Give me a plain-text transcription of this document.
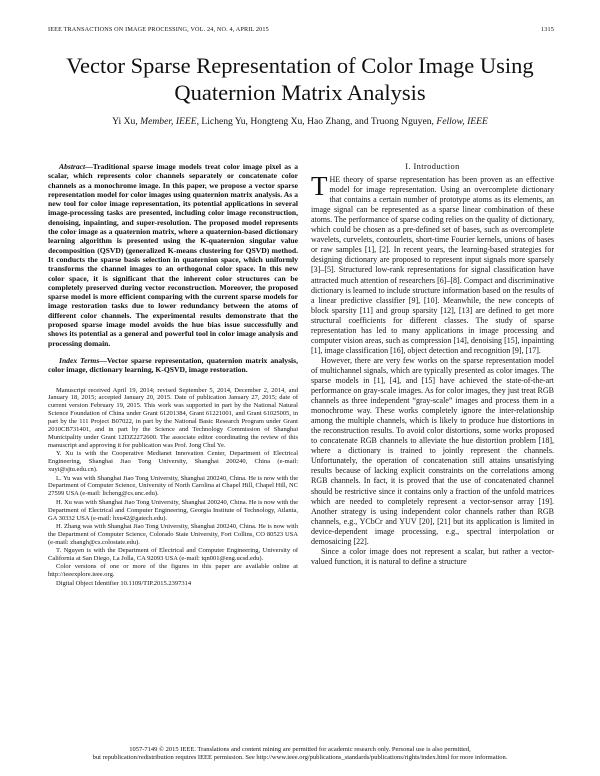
IEEE TRANSACTIONS ON IMAGE PROCESSING, VOL. 24, NO. 4, APRIL 2015	1315
Vector Sparse Representation of Color Image Using Quaternion Matrix Analysis
Yi Xu, Member, IEEE, Licheng Yu, Hongteng Xu, Hao Zhang, and Truong Nguyen, Fellow, IEEE

Abstract—Traditional sparse image models treat color image pixel as a scalar, which represents color channels separately or concatenate color channels as a monochrome image. In this paper, we propose a vector sparse representation model for color images using quaternion matrix analysis. As a new tool for color image representation, its potential applications in several image-processing tasks are presented, including color image reconstruction, denoising, inpainting, and super-resolution. The proposed model represents the color image as a quaternion matrix, where a quaternion-based dictionary learning algorithm is presented using the K-quaternion singular value decomposition (QSVD) (generalized K-means clustering for QSVD) method. It conducts the sparse basis selection in quaternion space, which uniformly transforms the channel images to an orthogonal color space. In this new color space, it is significant that the inherent color structures can be completely preserved during vector reconstruction. Moreover, the proposed sparse model is more efficient comparing with the current sparse models for image restoration tasks due to lower redundancy between the atoms of different color channels. The experimental results demonstrate that the proposed sparse image model avoids the hue bias issue successfully and shows its potential as a general and powerful tool in color image analysis and processing domain.

Index Terms—Vector sparse representation, quaternion matrix analysis, color image, dictionary learning, K-QSVD, image restoration.

Manuscript received April 19, 2014; revised September 5, 2014, December 2, 2014, and January 18, 2015; accepted January 20, 2015. Date of publication January 27, 2015; date of current version February 19, 2015. This work was supported in part by the National Natural Science Foundation of China under Grant 61201384, Grant 61221001, and Grant 61025005, in part by the 111 Project B07022, in part by the National Basic Research Program under Grant 2010CB731401, and in part by the Science and Technology Commission of Shanghai Municipality under Grant 12DZ2272600. The associate editor coordinating the review of this manuscript and approving it for publication was Prof. Jong Chul Ye.

Y. Xu is with the Cooperative Medianet Innovation Center, Department of Electrical Engineering, Shanghai Jiao Tong University, Shanghai 200240, China (e-mail: xuyi@sjtu.edu.cn).

L. Yu was with Shanghai Jiao Tong University, Shanghai 200240, China. He is now with the Department of Computer Science, University of North Carolina at Chapel Hill, Chapel Hill, NC 27599 USA (e-mail: licheng@cs.unc.edu).

H. Xu was with Shanghai Jiao Tong University, Shanghai 200240, China. He is now with the Department of Electrical and Computer Engineering, Georgia Institute of Technology, Atlanta, GA 30332 USA (e-mail: hxu42@gatech.edu).

H. Zhang was with Shanghai Jiao Tong University, Shanghai 200240, China. He is now with the Department of Computer Science, Colorado State University, Fort Collins, CO 80523 USA (e-mail: zhangh@cs.colostate.edu).

T. Nguyen is with the Department of Electrical and Computer Engineering, University of California at San Diego, La Jolla, CA 92093 USA (e-mail: tqn001@eng.ucsd.edu).

Color versions of one or more of the figures in this paper are available online at http://ieeexplore.ieee.org.

Digital Object Identifier 10.1109/TIP.2015.2397314

I. Introduction

THE theory of sparse representation has been proven as an effective model for image representation. Using an overcomplete dictionary that contains a certain number of prototype atoms as its elements, an image signal can be represented as a sparse linear combination of these atoms. The performance of sparse coding relies on the quality of dictionary, which could be chosen as a pre-defined set of bases, such as overcomplete wavelets, curvelets, contourlets, short-time Fourier kernels, unions of bases or raw samples [1], [2]. In recent years, the learning-based strategies for designing dictionary are proposed to represent input signals more sparsely [3]–[5]. Structured low-rank representations for signal classification have attracted much attention of researchers [6]–[8]. Compact and discriminative dictionary is learned to include structure information based on the results of a linear predictive classifier [9], [10]. Meanwhile, the new concepts of block sparsity [11] and group sparsity [12], [13] are defined to get more structural coefficients for different classes. The study of sparse representation has led to many applications in image processing and computer vision areas, such as compression [14], denoising [15], inpainting [1], image classification [16], object detection and recognition [9], [17].

However, there are very few works on the sparse representation model of multichannel signals, which are typically presented as color images. The sparse models in [1], [4], and [15] have achieved the state-of-the-art performance on gray-scale images. As for color images, they just treat RGB channels as three independent “gray-scale” images and process them in a monochrome way. These works completely ignore the inter-relationship among the multiple channels, which is likely to produce hue distortions in the reconstruction results. To avoid color distortions, some works proposed to concatenate RGB channels to alleviate the hue distortion problem [18], where a dictionary is trained to jointly represent the channels. Unfortunately, the operation of concatenation still attains unsatisfying results because of lacking explicit constraints on the correlations among RGB channels. In fact, it is proved that the use of concatenated channel should be restrictive since it contains only a fraction of the unfold matrices which are needed to completely represent a vector-sensor array [19]. Another strategy is using independent color channels rather than RGB channels, e.g., YCbCr and YUV [20], [21] but its application is limited in device-dependent image processing, e.g., spectral interpolation or demosaicing [22].

Since a color image does not represent a scalar, but rather a vector-valued function, it is natural to define a structure

1057-7149 © 2015 IEEE. Translations and content mining are permitted for academic research only. Personal use is also permitted,
but republication/redistribution requires IEEE permission. See http://www.ieee.org/publications_standards/publications/rights/index.html for more information.
